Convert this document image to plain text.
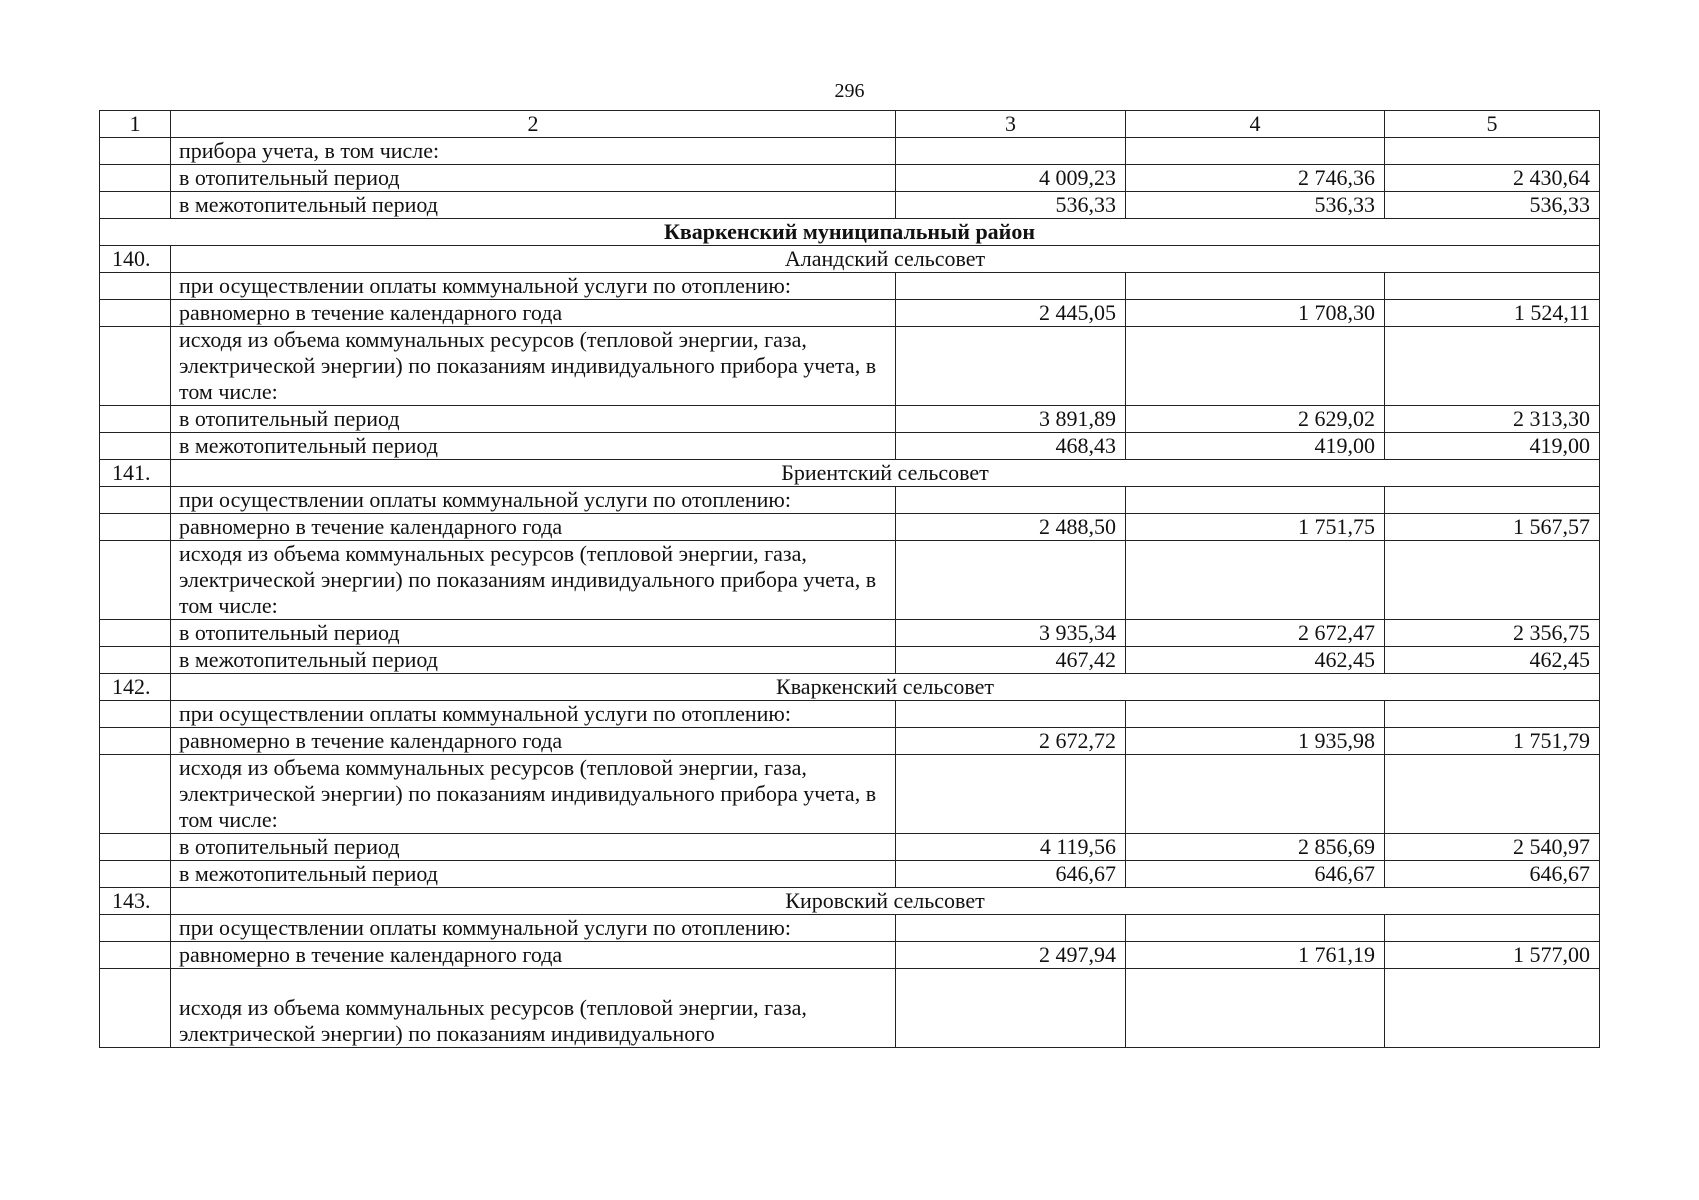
296
1	2	3	4	5
	прибора учета, в том числе:			
	в отопительный период	4 009,23	2 746,36	2 430,64
	в межотопительный период	536,33	536,33	536,33
Кваркенский муниципальный район				
140.	Аландский сельсовет			
	при осуществлении оплаты коммунальной услуги по отоплению:			
	равномерно в течение календарного года	2 445,05	1 708,30	1 524,11
	исходя из объема коммунальных ресурсов (тепловой энергии, газа, электрической энергии) по показаниям индивидуального прибора учета, в том числе:			
	в отопительный период	3 891,89	2 629,02	2 313,30
	в межотопительный период	468,43	419,00	419,00
141.	Бриентский сельсовет			
	при осуществлении оплаты коммунальной услуги по отоплению:			
	равномерно в течение календарного года	2 488,50	1 751,75	1 567,57
	исходя из объема коммунальных ресурсов (тепловой энергии, газа, электрической энергии) по показаниям индивидуального прибора учета, в том числе:			
	в отопительный период	3 935,34	2 672,47	2 356,75
	в межотопительный период	467,42	462,45	462,45
142.	Кваркенский сельсовет			
	при осуществлении оплаты коммунальной услуги по отоплению:			
	равномерно в течение календарного года	2 672,72	1 935,98	1 751,79
	исходя из объема коммунальных ресурсов (тепловой энергии, газа, электрической энергии) по показаниям индивидуального прибора учета, в том числе:			
	в отопительный период	4 119,56	2 856,69	2 540,97
	в межотопительный период	646,67	646,67	646,67
143.	Кировский сельсовет			
	при осуществлении оплаты коммунальной услуги по отоплению:			
	равномерно в течение календарного года	2 497,94	1 761,19	1 577,00
	исходя из объема коммунальных ресурсов (тепловой энергии, газа, электрической энергии) по показаниям индивидуального			
